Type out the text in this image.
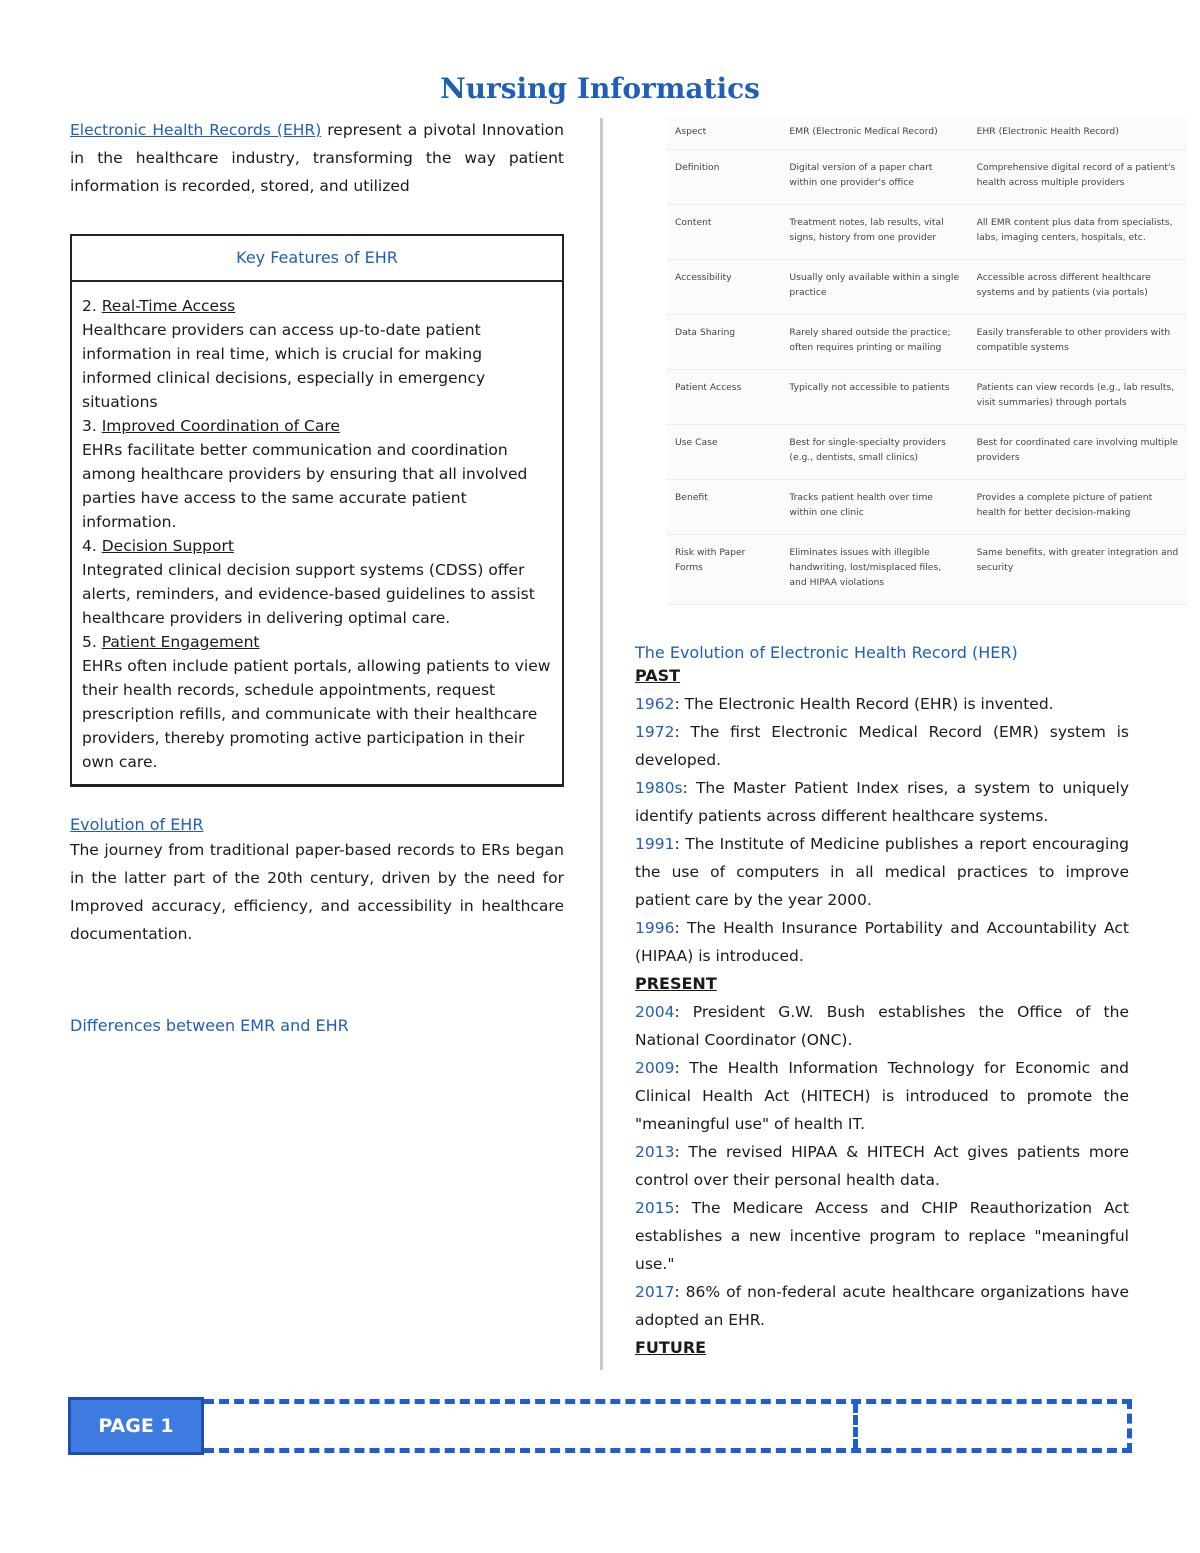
Nursing Informatics

Electronic Health Records (EHR) represent a pivotal Innovation in the healthcare industry, transforming the way patient information is recorded, stored, and utilized

Key Features of EHR
2. Real-Time Access
Healthcare providers can access up-to-date patient information in real time, which is crucial for making informed clinical decisions, especially in emergency situations
3. Improved Coordination of Care
EHRs facilitate better communication and coordination among healthcare providers by ensuring that all involved parties have access to the same accurate patient information.
4. Decision Support
Integrated clinical decision support systems (CDSS) offer alerts, reminders, and evidence-based guidelines to assist healthcare providers in delivering optimal care.
5. Patient Engagement
EHRs often include patient portals, allowing patients to view their health records, schedule appointments, request prescription refills, and communicate with their healthcare providers, thereby promoting active participation in their own care.

Evolution of EHR

The journey from traditional paper-based records to ERs began in the latter part of the 20th century, driven by the need for Improved accuracy, efficiency, and accessibility in healthcare documentation.

Differences between EMR and EHR

Aspect	EMR (Electronic Medical Record)	EHR (Electronic Health Record)
Definition	Digital version of a paper chart within one provider's office	Comprehensive digital record of a patient's health across multiple providers
Content	Treatment notes, lab results, vital signs, history from one provider	All EMR content plus data from specialists, labs, imaging centers, hospitals, etc.
Accessibility	Usually only available within a single practice	Accessible across different healthcare systems and by patients (via portals)
Data Sharing	Rarely shared outside the practice; often requires printing or mailing	Easily transferable to other providers with compatible systems
Patient Access	Typically not accessible to patients	Patients can view records (e.g., lab results, visit summaries) through portals
Use Case	Best for single-specialty providers (e.g., dentists, small clinics)	Best for coordinated care involving multiple providers
Benefit	Tracks patient health over time within one clinic	Provides a complete picture of patient health for better decision-making
Risk with Paper Forms	Eliminates issues with illegible handwriting, lost/misplaced files, and HIPAA violations	Same benefits, with greater integration and security

The Evolution of Electronic Health Record (HER)

PAST

1962: The Electronic Health Record (EHR) is invented.

1972: The first Electronic Medical Record (EMR) system is developed.

1980s: The Master Patient Index rises, a system to uniquely identify patients across different healthcare systems.

1991: The Institute of Medicine publishes a report encouraging the use of computers in all medical practices to improve patient care by the year 2000.

1996: The Health Insurance Portability and Accountability Act (HIPAA) is introduced.

PRESENT

2004: President G.W. Bush establishes the Office of the National Coordinator (ONC).

2009: The Health Information Technology for Economic and Clinical Health Act (HITECH) is introduced to promote the "meaningful use" of health IT.

2013: The revised HIPAA & HITECH Act gives patients more control over their personal health data.

2015: The Medicare Access and CHIP Reauthorization Act establishes a new incentive program to replace "meaningful use."

2017: 86% of non-federal acute healthcare organizations have adopted an EHR.

FUTURE

PAGE 1
